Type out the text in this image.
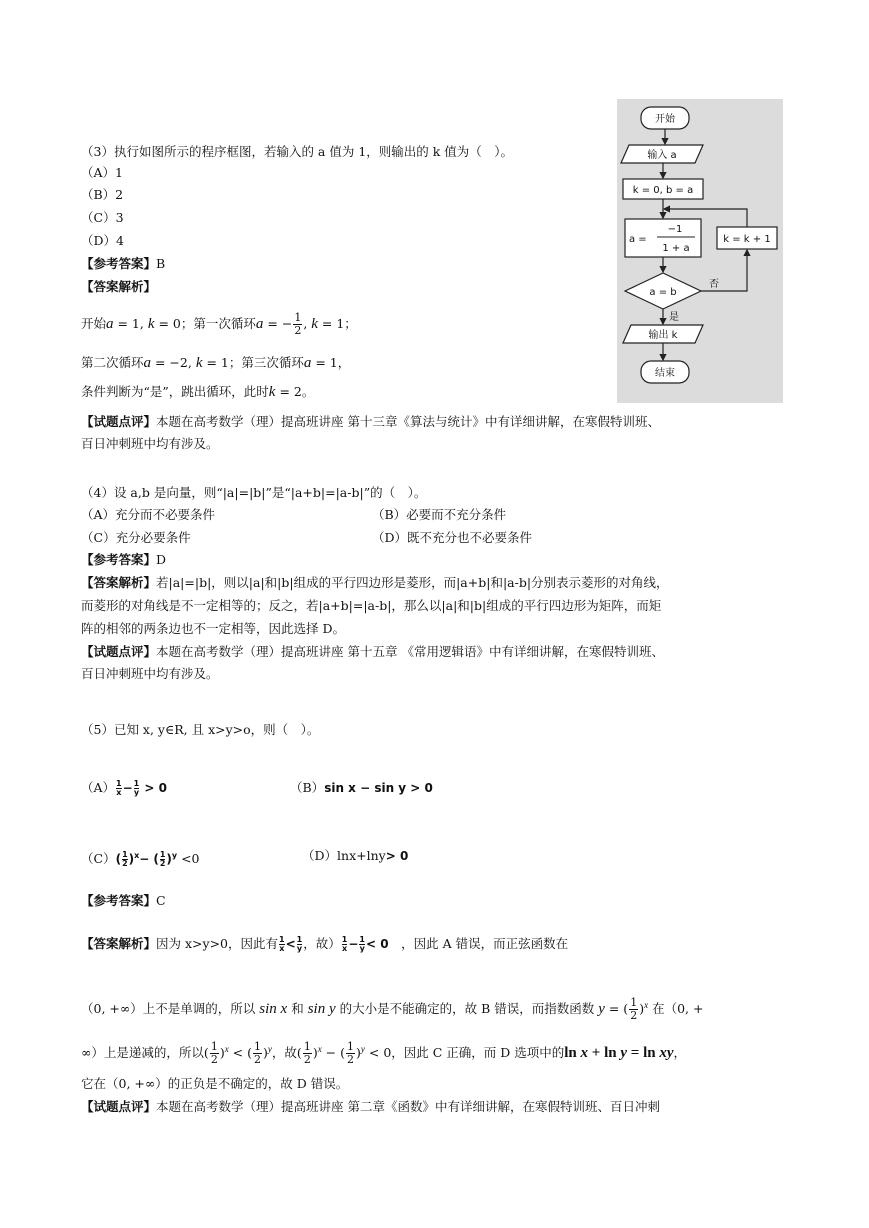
（3）执行如图所示的程序框图，若输入的 a 值为 1，则输出的 k 值为（　）。
（A）1
（B）2
（C）3
（D）4
【参考答案】B
【答案解析】
开始a = 1, k = 0；第一次循环a = − $\frac{1}{2}$ , k = 1；
第二次循环a = −2, k = 1；第三次循环a = 1，
条件判断为“是”，跳出循环，此时k = 2。
【试题点评】本题在高考数学（理）提高班讲座 第十三章《算法与统计》中有详细讲解，在寒假特训班、
百日冲刺班中均有涉及。
开始
输入 a
k = 0, b = a
a =
−1
1 + a
k = k + 1
a = b
否
是
输出 k
结束
（4）设 a,b 是向量，则“|a|=|b|”是“|a+b|=|a-b|”的（　）。
（A）充分而不必要条件	（B）必要而不充分条件
（C）充分必要条件	（D）既不充分也不必要条件
【参考答案】D
【答案解析】若|a|=|b|，则以|a|和|b|组成的平行四边形是菱形，而|a+b|和|a-b|分别表示菱形的对角线，
而菱形的对角线是不一定相等的；反之，若|a+b|=|a-b|，那么以|a|和|b|组成的平行四边形为矩阵，而矩
阵的相邻的两条边也不一定相等，因此选择 D。
【试题点评】本题在高考数学（理）提高班讲座 第十五章 《常用逻辑语》中有详细讲解，在寒假特训班、
百日冲刺班中均有涉及。
（5）已知 x, y∈R, 且 x>y>o，则（　）。
$(A) \frac{1}{x} - \frac{1}{y} > 0$	（B）sin x − sin y > 0
$(C)( \frac{1}{2} )^x-$ ( $\frac{1}{2} )^y <0$	（D）lnx+lny> 0
【参考答案】C
【答案解析】因为 x>y>0，因此有 $\frac{1}{x} < \frac{1}{y}$ ，故） $\frac{1}{x} - \frac{1}{y} < 0$　 ，因此 A 错误，而正弦函数在
（0, +∞）上不是单调的，所以 sin x 和 sin y 的大小是不能确定的，故 B 错误，而指数函数 y = ( $\frac{1}{2} )^x$ 在（0, +
∞）上是递减的，所以( $\frac{1}{2} )^x$ < ( $\frac{1}{2} )^y$，故( $\frac{1}{2} )^x$ − ( $\frac{1}{2} )^y < 0$，因此 C 正确，而 D 选项中的ln x + ln y = ln xy，
它在（0, +∞）的正负是不确定的，故 D 错误。
【试题点评】本题在高考数学（理）提高班讲座 第二章《函数》中有详细讲解，在寒假特训班、百日冲刺
